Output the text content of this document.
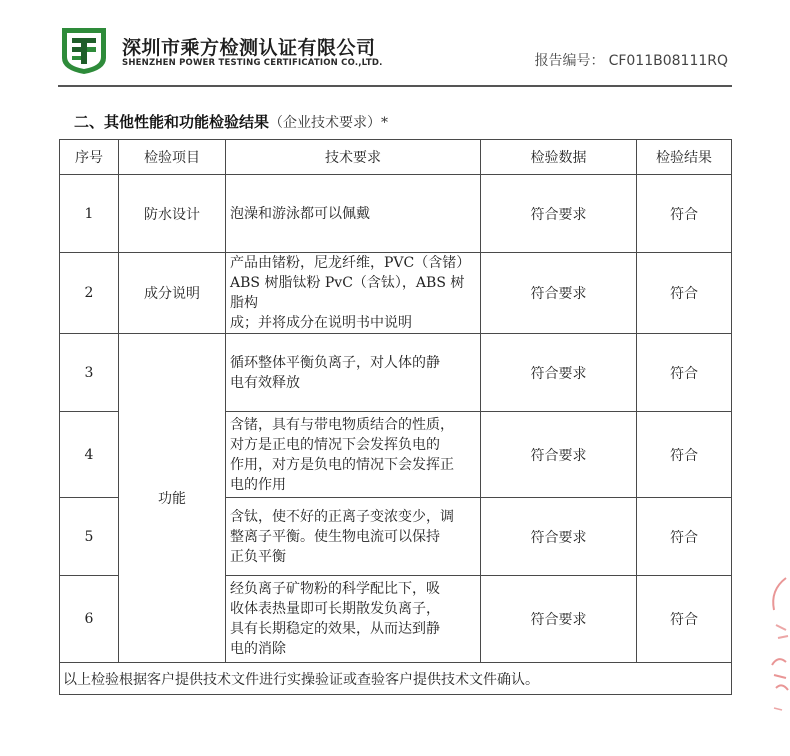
深圳市乘方检测认证有限公司
SHENZHEN POWER TESTING CERTIFICATION CO.,LTD.	报告编号： CF011B08111RQ
二、其他性能和功能检验结果（企业技术要求）*
序号	检验项目	技术要求	检验数据	检验结果
1	防水设计	泡澡和游泳都可以佩戴	符合要求	符合
2	成分说明	产品由锗粉，尼龙纤维，PVC（含锗）
ABS 树脂钛粉 PvC（含钛），ABS 树脂构
成；并将成分在说明书中说明	符合要求	符合
3	功能	循环整体平衡负离子，对人体的静
电有效释放	符合要求	符合
4		含锗，具有与带电物质结合的性质，
对方是正电的情况下会发挥负电的
作用，对方是负电的情况下会发挥正
电的作用	符合要求	符合
5		含钛，使不好的正离子变浓变少，调
整离子平衡。使生物电流可以保持
正负平衡	符合要求	符合
6		经负离子矿物粉的科学配比下，吸
收体表热量即可长期散发负离子，
具有长期稳定的效果，从而达到静
电的消除	符合要求	符合
以上检验根据客户提供技术文件进行实操验证或查验客户提供技术文件确认。				
